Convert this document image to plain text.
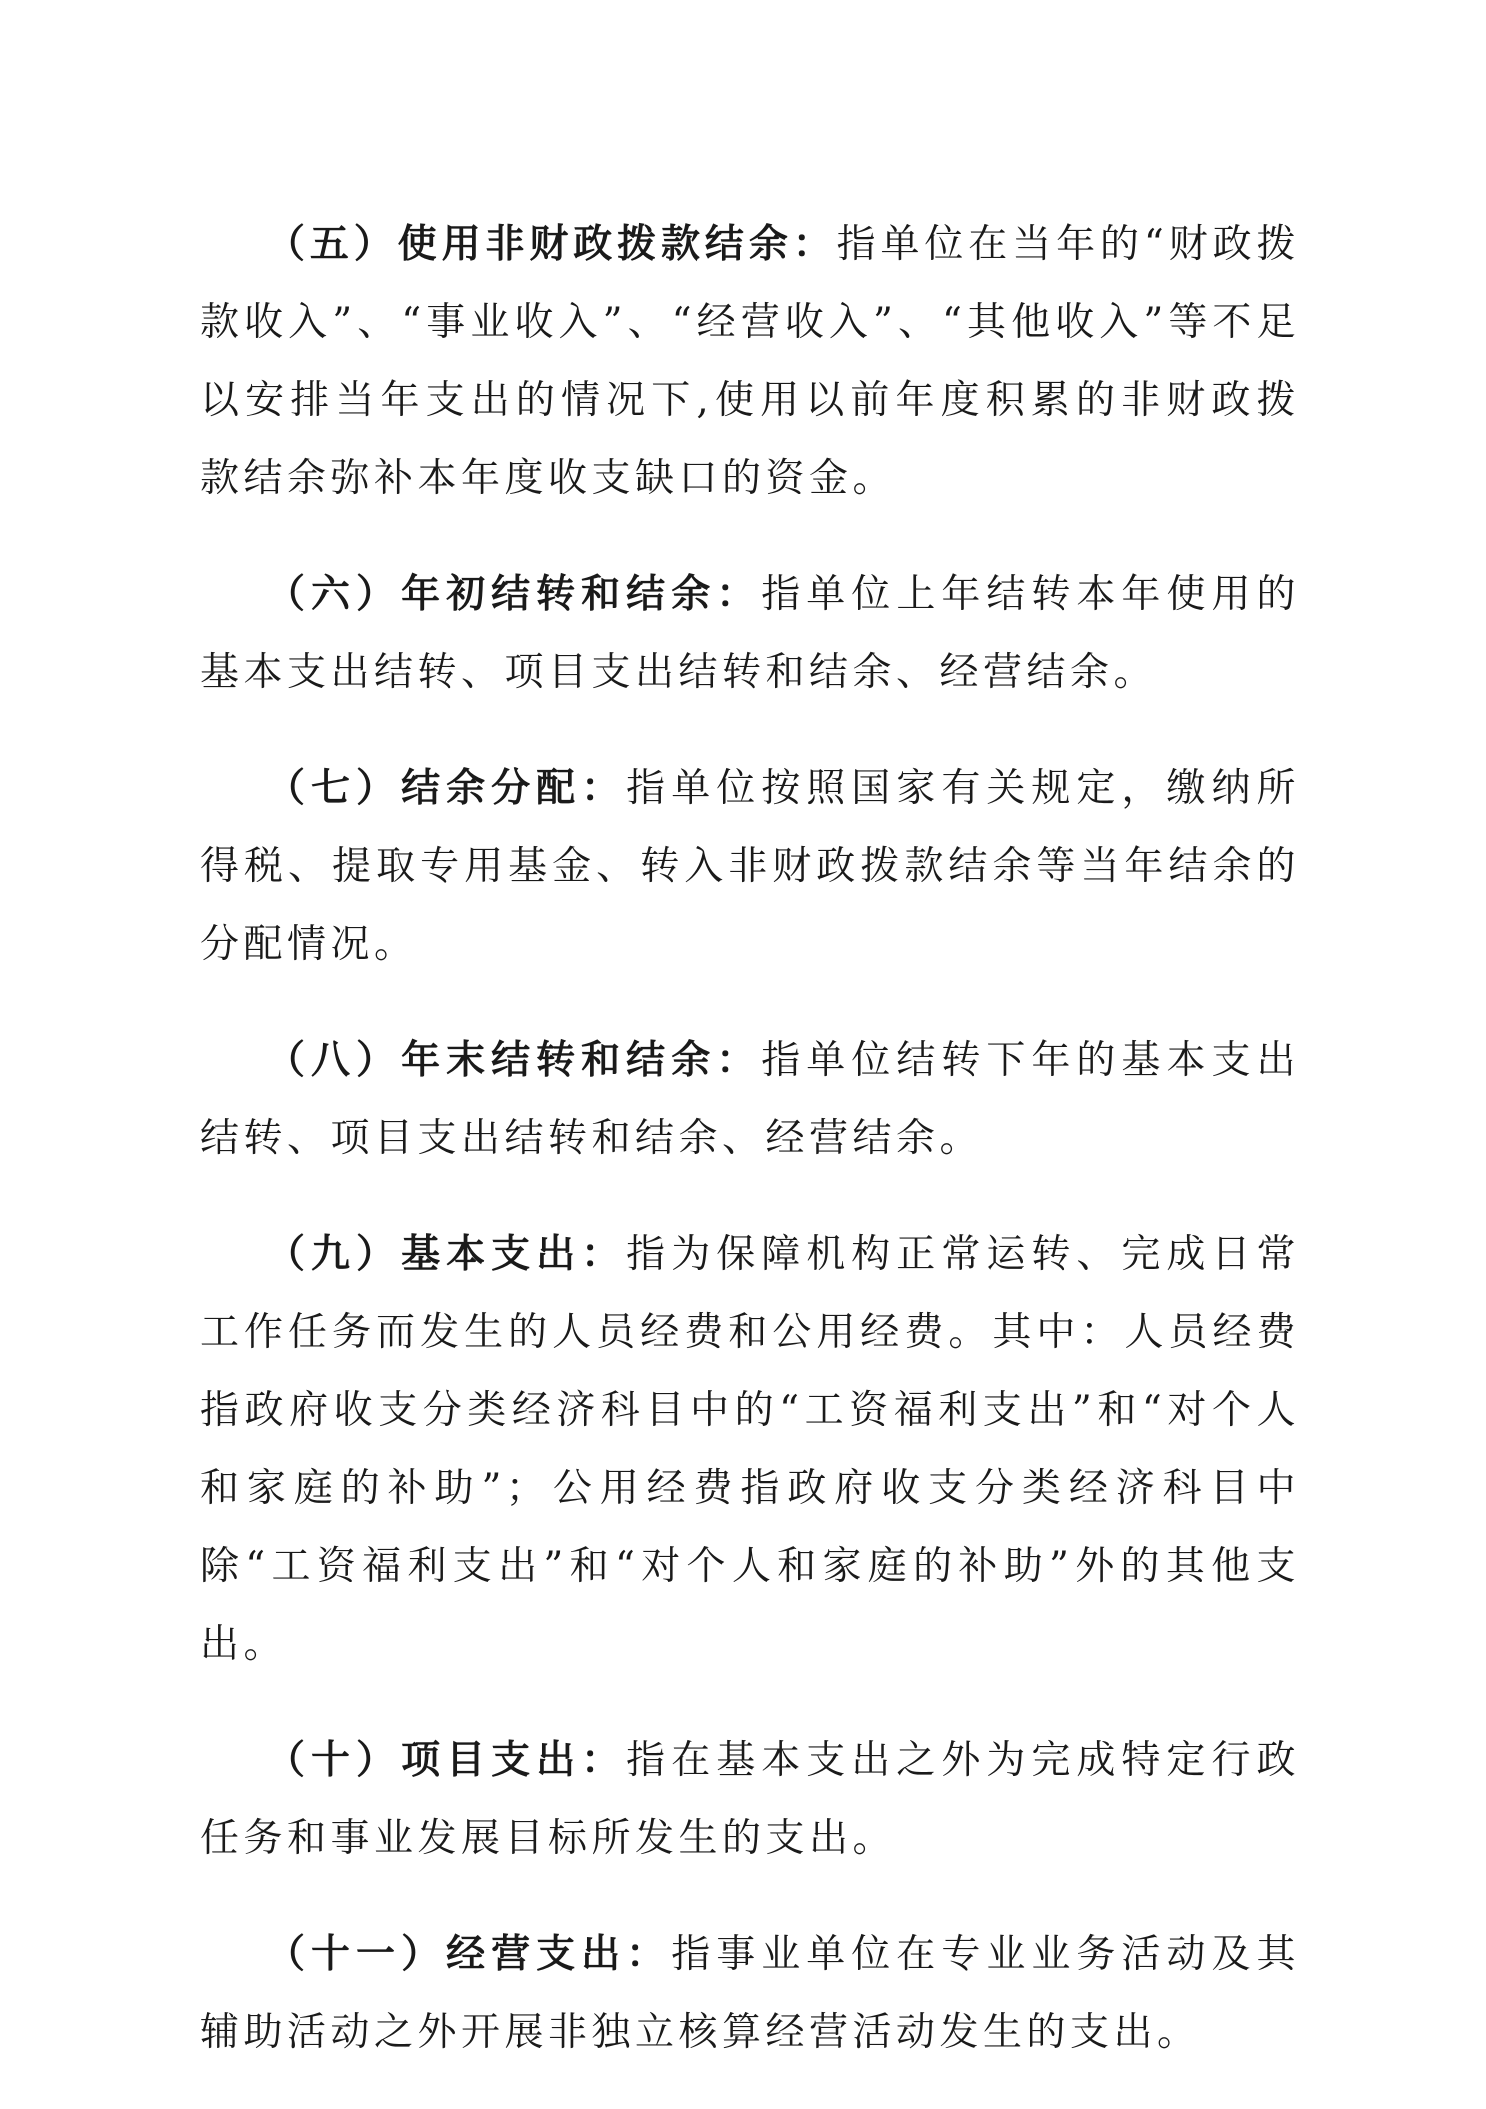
（五）使用非财政拨款结余：指单位在当年的“财政拨款收入”、“事业收入”、“经营收入”、“其他收入”等不足以安排当年支出的情况下,使用以前年度积累的非财政拨款结余弥补本年度收支缺口的资金。

（六）年初结转和结余：指单位上年结转本年使用的基本支出结转、项目支出结转和结余、经营结余。

（七）结余分配：指单位按照国家有关规定，缴纳所得税、提取专用基金、转入非财政拨款结余等当年结余的分配情况。

（八）年末结转和结余：指单位结转下年的基本支出结转、项目支出结转和结余、经营结余。

（九）基本支出：指为保障机构正常运转、完成日常工作任务而发生的人员经费和公用经费。其中：人员经费指政府收支分类经济科目中的“工资福利支出”和“对个人和家庭的补助”；公用经费指政府收支分类经济科目中除“工资福利支出”和“对个人和家庭的补助”外的其他支出。

（十）项目支出：指在基本支出之外为完成特定行政任务和事业发展目标所发生的支出。

（十一）经营支出：指事业单位在专业业务活动及其辅助活动之外开展非独立核算经营活动发生的支出。
